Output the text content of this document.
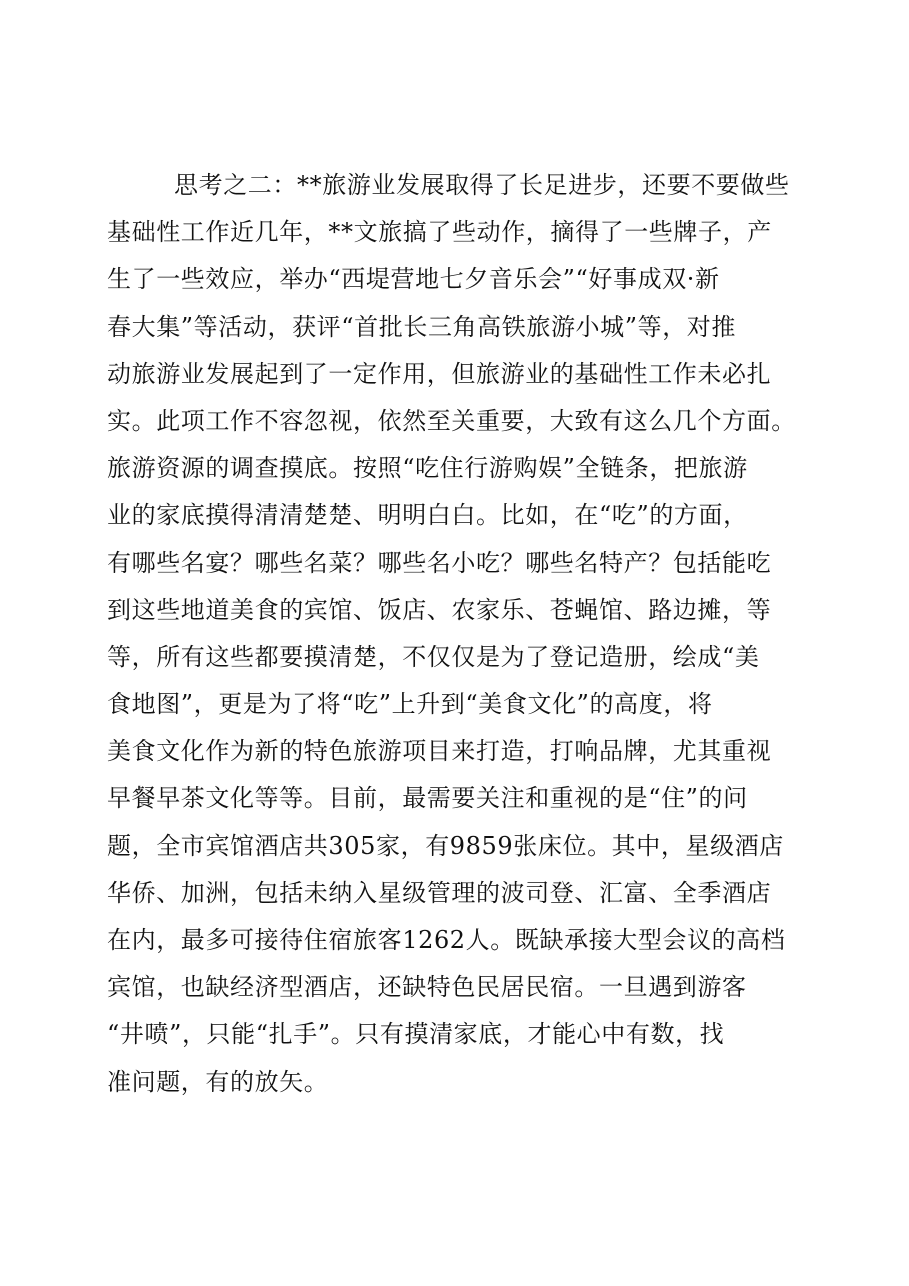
思考之二：**旅游业发展取得了长足进步，还要不要做些
基础性工作近几年，**文旅搞了些动作，摘得了一些牌子，产
生了一些效应，举办“西堤营地七夕音乐会”“好事成双·新
春大集”等活动，获评“首批长三角高铁旅游小城”等，对推
动旅游业发展起到了一定作用，但旅游业的基础性工作未必扎
实。此项工作不容忽视，依然至关重要，大致有这么几个方面。
旅游资源的调查摸底。按照“吃住行游购娱”全链条，把旅游
业的家底摸得清清楚楚、明明白白。比如，在“吃”的方面，
有哪些名宴？哪些名菜？哪些名小吃？哪些名特产？包括能吃
到这些地道美食的宾馆、饭店、农家乐、苍蝇馆、路边摊，等
等，所有这些都要摸清楚，不仅仅是为了登记造册，绘成“美
食地图”，更是为了将“吃”上升到“美食文化”的高度，将
美食文化作为新的特色旅游项目来打造，打响品牌，尤其重视
早餐早茶文化等等。目前，最需要关注和重视的是“住”的问
题，全市宾馆酒店共305家，有9859张床位。其中，星级酒店
华侨、加洲，包括未纳入星级管理的波司登、汇富、全季酒店
在内，最多可接待住宿旅客1262人。既缺承接大型会议的高档
宾馆，也缺经济型酒店，还缺特色民居民宿。一旦遇到游客
“井喷”，只能“扎手”。只有摸清家底，才能心中有数，找
准问题，有的放矢。
